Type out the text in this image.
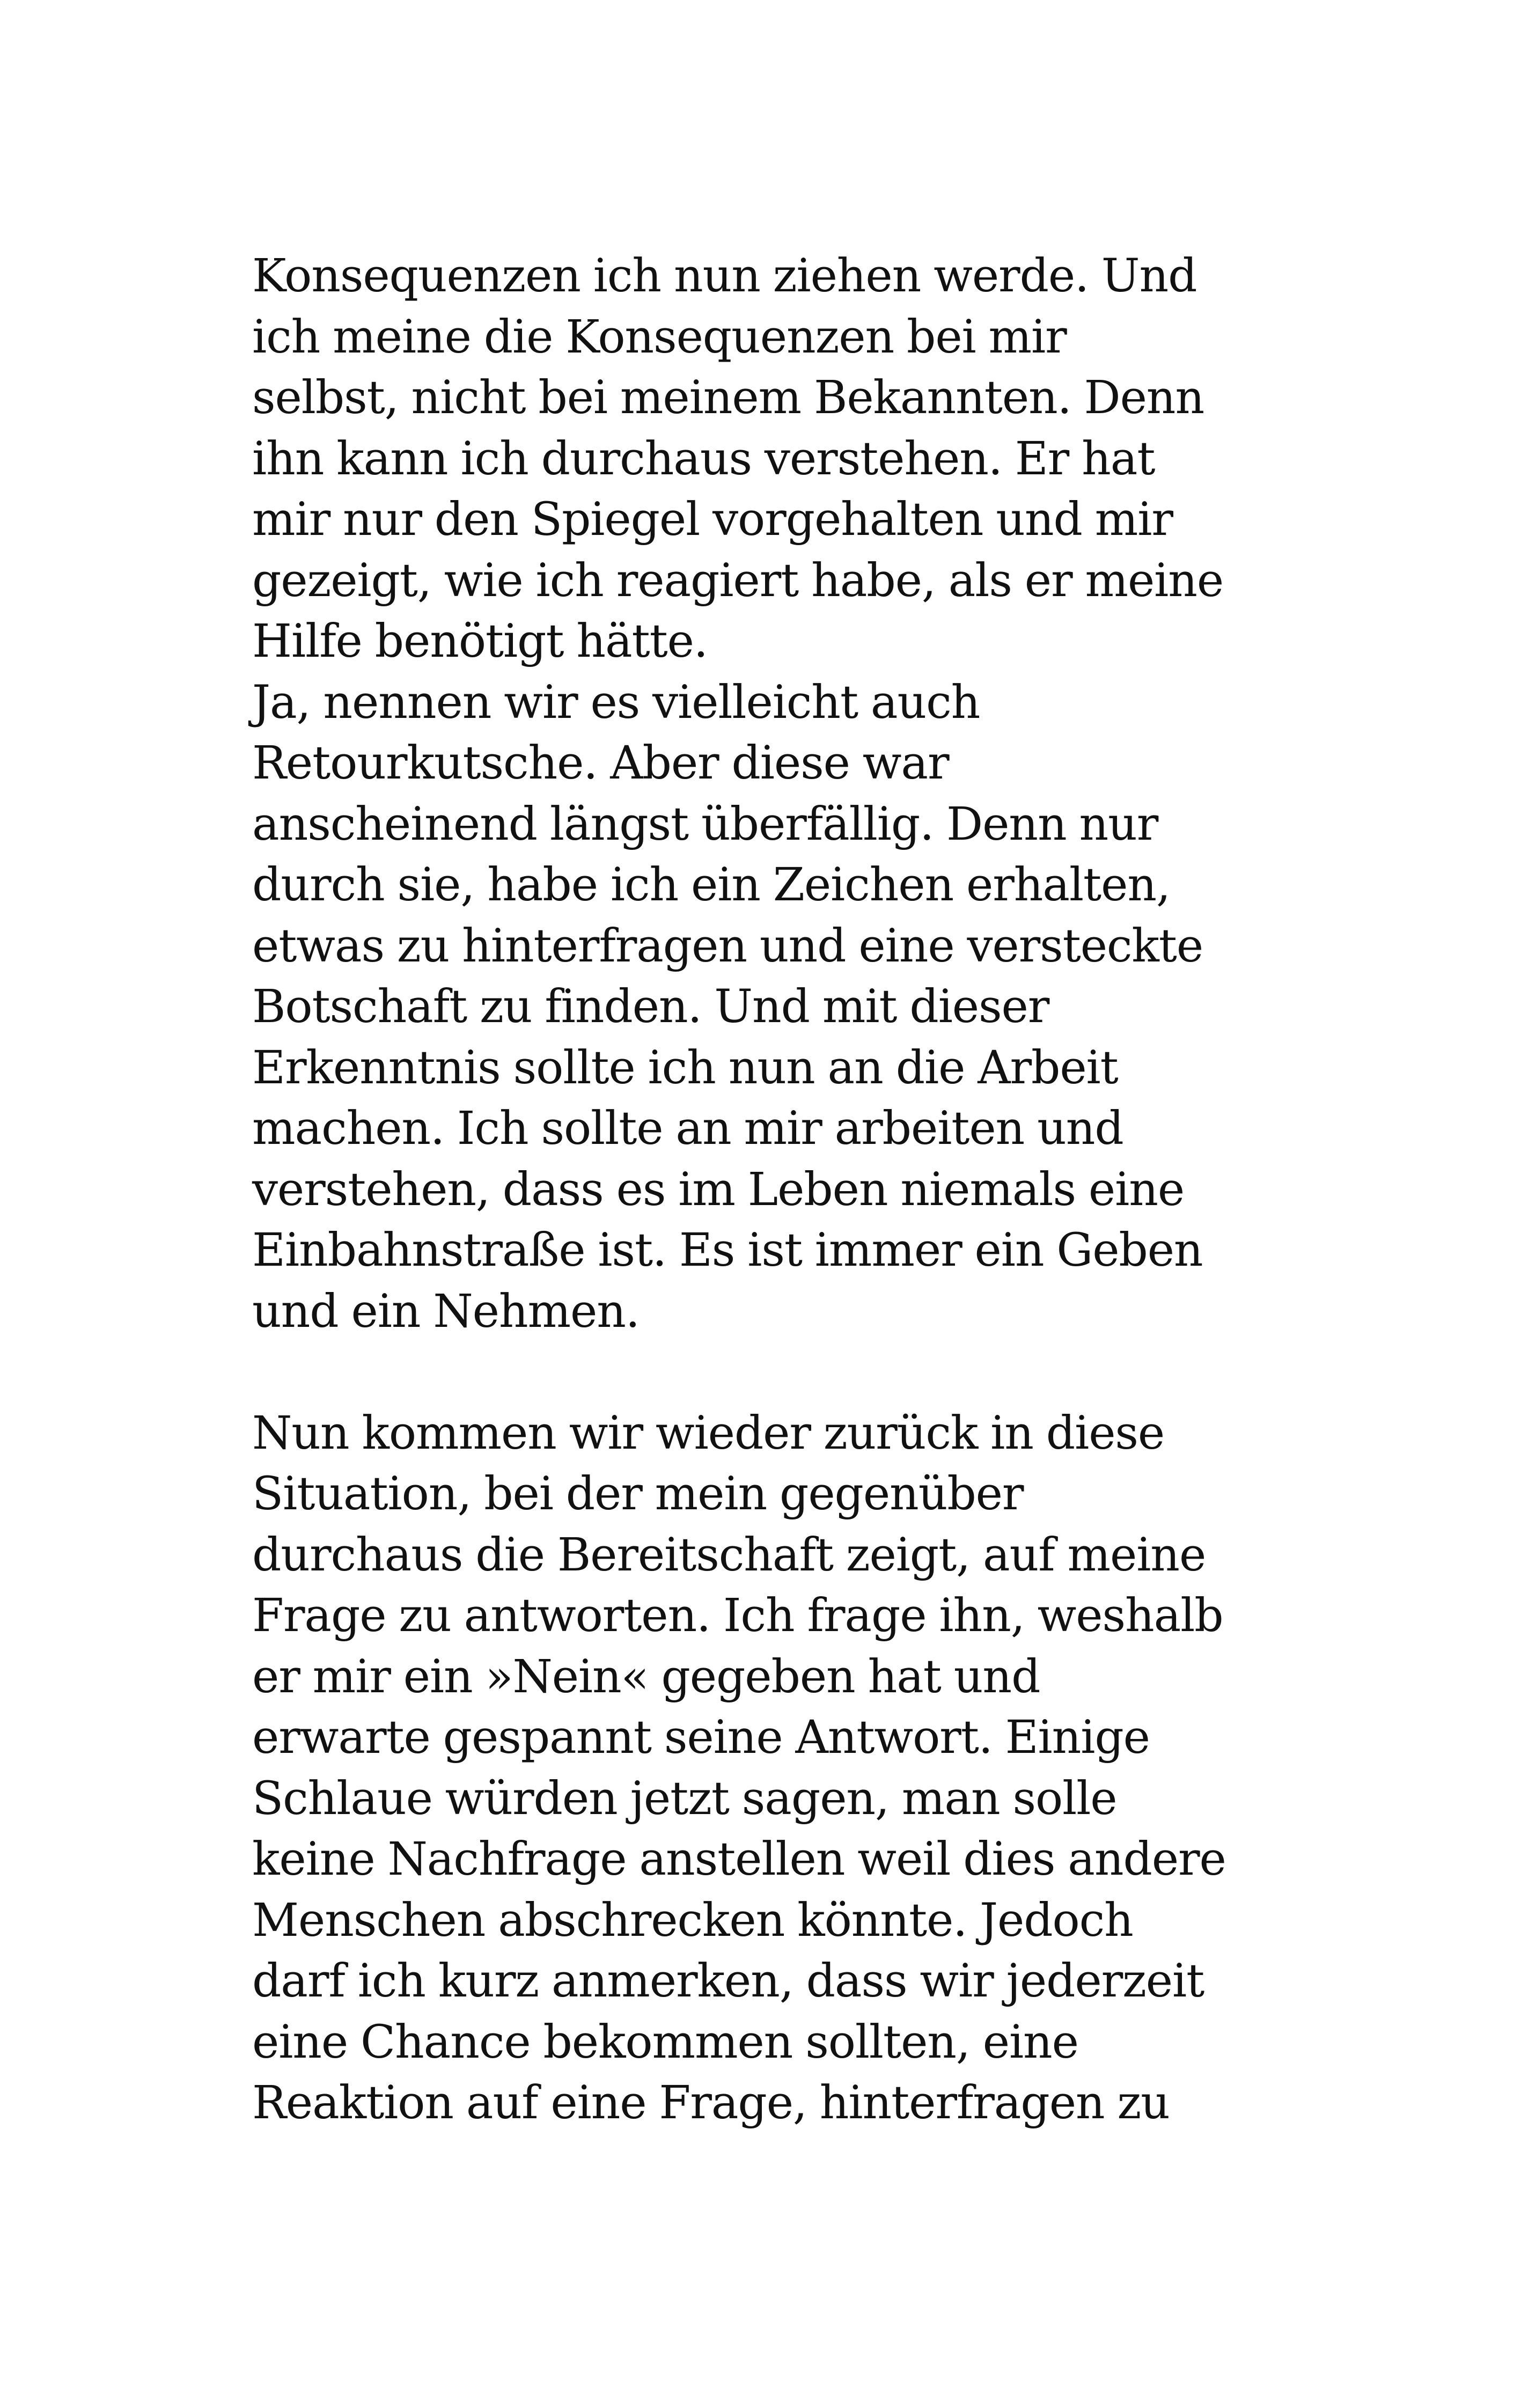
Konsequenzen ich nun ziehen werde. Und
ich meine die Konsequenzen bei mir
selbst, nicht bei meinem Bekannten. Denn
ihn kann ich durchaus verstehen. Er hat
mir nur den Spiegel vorgehalten und mir
gezeigt, wie ich reagiert habe, als er meine
Hilfe benötigt hätte.
Ja, nennen wir es vielleicht auch
Retourkutsche. Aber diese war
anscheinend längst überfällig. Denn nur
durch sie, habe ich ein Zeichen erhalten,
etwas zu hinterfragen und eine versteckte
Botschaft zu finden. Und mit dieser
Erkenntnis sollte ich nun an die Arbeit
machen. Ich sollte an mir arbeiten und
verstehen, dass es im Leben niemals eine
Einbahnstraße ist. Es ist immer ein Geben
und ein Nehmen.
Nun kommen wir wieder zurück in diese
Situation, bei der mein gegenüber
durchaus die Bereitschaft zeigt, auf meine
Frage zu antworten. Ich frage ihn, weshalb
er mir ein »Nein« gegeben hat und
erwarte gespannt seine Antwort. Einige
Schlaue würden jetzt sagen, man solle
keine Nachfrage anstellen weil dies andere
Menschen abschrecken könnte. Jedoch
darf ich kurz anmerken, dass wir jederzeit
eine Chance bekommen sollten, eine
Reaktion auf eine Frage, hinterfragen zu
